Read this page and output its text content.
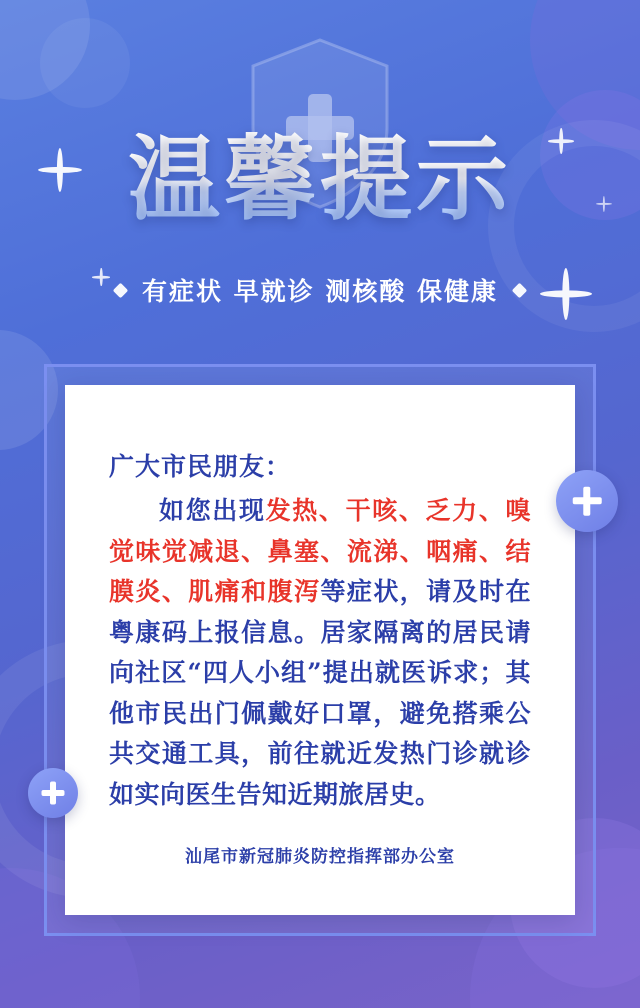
温馨提示
有症状 早就诊 测核酸 保健康

广大市民朋友：

如您出现发热、干咳、乏力、嗅觉味觉减退、鼻塞、流涕、咽痛、结膜炎、肌痛和腹泻等症状，请及时在粤康码上报信息。居家隔离的居民请向社区“四人小组”提出就医诉求；其他市民出门佩戴好口罩，避免搭乘公共交通工具，前往就近发热门诊就诊如实向医生告知近期旅居史。

汕尾市新冠肺炎防控指挥部办公室
